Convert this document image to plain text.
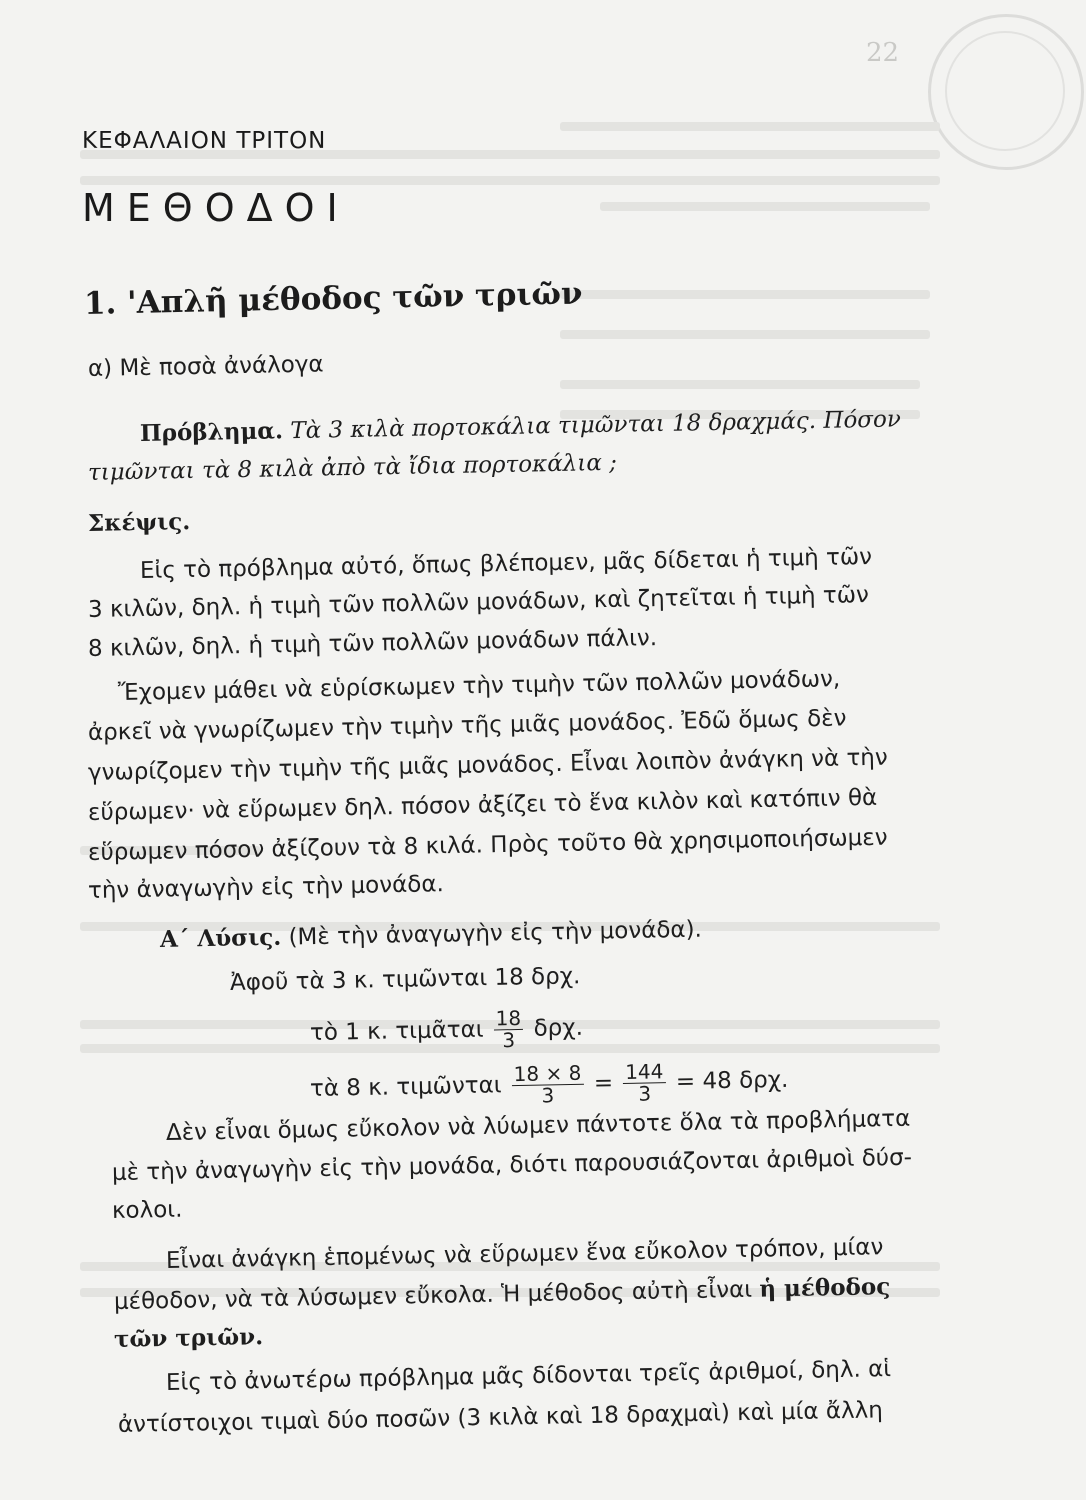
22
ΚΕΦΑΛΑΙΟΝ ΤΡΙΤΟΝ
ΜΕΘΟΔΟΙ
1. 'Απλῆ μέθοδος τῶν τριῶν
α) Μὲ ποσὰ ἀνάλογα
Πρόβλημα. Τὰ 3 κιλὰ πορτοκάλια τιμῶνται 18 δραχμάς. Πόσον
τιμῶνται τὰ 8 κιλὰ ἀπὸ τὰ ἴδια πορτοκάλια ;
Σκέψις.
Εἰς τὸ πρόβλημα αὐτό, ὅπως βλέπομεν, μᾶς δίδεται ἡ τιμὴ τῶν
3 κιλῶν, δηλ. ἡ τιμὴ τῶν πολλῶν μονάδων, καὶ ζητεῖται ἡ τιμὴ τῶν
8 κιλῶν, δηλ. ἡ τιμὴ τῶν πολλῶν μονάδων πάλιν.
Ἔχομεν μάθει νὰ εὑρίσκωμεν τὴν τιμὴν τῶν πολλῶν μονάδων,
ἀρκεῖ νὰ γνωρίζωμεν τὴν τιμὴν τῆς μιᾶς μονάδος. Ἐδῶ ὅμως δὲν
γνωρίζομεν τὴν τιμὴν τῆς μιᾶς μονάδος. Εἶναι λοιπὸν ἀνάγκη νὰ τὴν
εὕρωμεν· νὰ εὕρωμεν δηλ. πόσον ἀξίζει τὸ ἕνα κιλὸν καὶ κατόπιν θὰ
εὕρωμεν πόσον ἀξίζουν τὰ 8 κιλά. Πρὸς τοῦτο θὰ χρησιμοποιήσωμεν
τὴν ἀναγωγὴν εἰς τὴν μονάδα.
Α΄ Λύσις. (Μὲ τὴν ἀναγωγὴν εἰς τὴν μονάδα).
Ἀφοῦ τὰ 3 κ. τιμῶνται 18 δρχ.
τὸ 1 κ. τιμᾶται $\frac{18}{3} \delta\rho\chi$.
τὰ 8 κ. τιμῶνται $\frac{18 \times 8}{3} = \frac{144}{3} = 48$ δρχ.
Δὲν εἶναι ὅμως εὔκολον νὰ λύωμεν πάντοτε ὅλα τὰ προβλήματα
μὲ τὴν ἀναγωγὴν εἰς τὴν μονάδα, διότι παρουσιάζονται ἀριθμοὶ δύσ-
κολοι.
Εἶναι ἀνάγκη ἑπομένως νὰ εὕρωμεν ἕνα εὔκολον τρόπον, μίαν
μέθοδον, νὰ τὰ λύσωμεν εὔκολα. Ἡ μέθοδος αὐτὴ εἶναι ἡ μέθοδος
τῶν τριῶν.
Εἰς τὸ ἀνωτέρω πρόβλημα μᾶς δίδονται τρεῖς ἀριθμοί, δηλ. αἱ
ἀντίστοιχοι τιμαὶ δύο ποσῶν (3 κιλὰ καὶ 18 δραχμαὶ) καὶ μία ἄλλη
